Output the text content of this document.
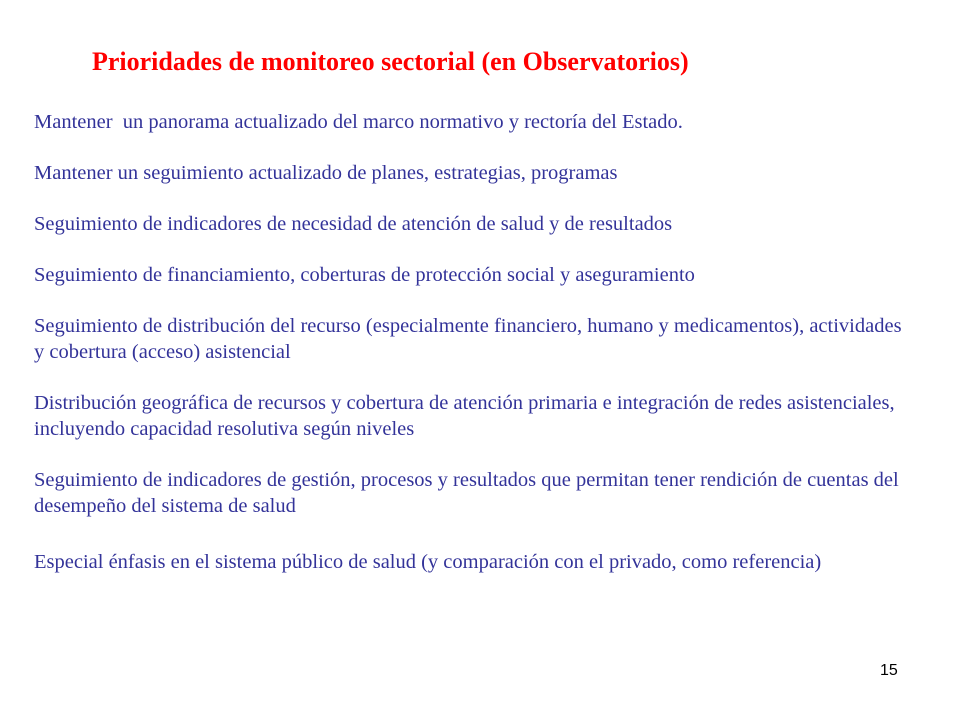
Prioridades de monitoreo sectorial (en Observatorios)

Mantener  un panorama actualizado del marco normativo y rectoría del Estado.

Mantener un seguimiento actualizado de planes, estrategias, programas

Seguimiento de indicadores de necesidad de atención de salud y de resultados

Seguimiento de financiamiento, coberturas de protección social y aseguramiento

Seguimiento de distribución del recurso (especialmente financiero, humano y medicamentos), actividades y cobertura (acceso) asistencial

Distribución geográfica de recursos y cobertura de atención primaria e integración de redes asistenciales, incluyendo capacidad resolutiva según niveles

Seguimiento de indicadores de gestión, procesos y resultados que permitan tener rendición de cuentas del desempeño del sistema de salud

Especial énfasis en el sistema público de salud (y comparación con el privado, como referencia)

15
